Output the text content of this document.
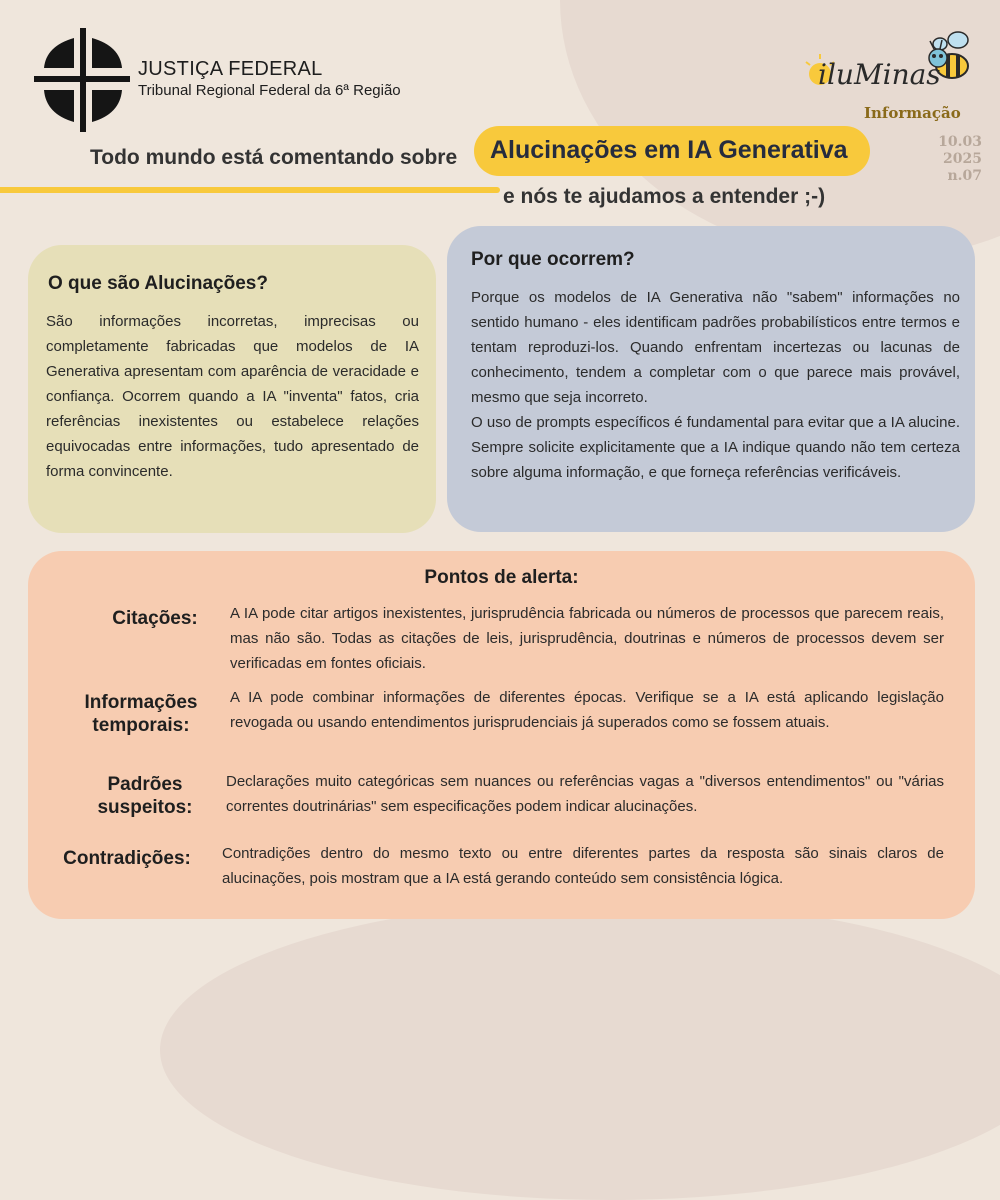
JUSTIÇA FEDERAL
Tribunal Regional Federal da 6ª Região	iluMinas
Informação
10.03
2025
n.07
Todo mundo está comentando sobre Alucinações em IA Generativa
e nós te ajudamos a entender ;-)
O que são Alucinações?
São informações incorretas, imprecisas ou completamente fabricadas que modelos de IA Generativa apresentam com aparência de veracidade e confiança. Ocorrem quando a IA "inventa" fatos, cria referências inexistentes ou estabelece relações equivocadas entre informações, tudo apresentado de forma convincente.
Por que ocorrem?

Porque os modelos de IA Generativa não "sabem" informações no sentido humano - eles identificam padrões probabilísticos entre termos e tentam reproduzi-los. Quando enfrentam incertezas ou lacunas de conhecimento, tendem a completar com o que parece mais provável, mesmo que seja incorreto.

O uso de prompts específicos é fundamental para evitar que a IA alucine. Sempre solicite explicitamente que a IA indique quando não tem certeza sobre alguma informação, e que forneça referências verificáveis.

Pontos de alerta:
Citações:	A IA pode citar artigos inexistentes, jurisprudência fabricada ou números de processos que parecem reais, mas não são. Todas as citações de leis, jurisprudência, doutrinas e números de processos devem ser verificadas em fontes oficiais.
Informações temporais:
A IA pode combinar informações de diferentes épocas. Verifique se a IA está aplicando legislação revogada ou usando entendimentos jurisprudenciais já superados como se fossem atuais.
Padrões suspeitos:
Declarações muito categóricas sem nuances ou referências vagas a "diversos entendimentos" ou "várias correntes doutrinárias" sem especificações podem indicar alucinações.
Contradições:	Contradições dentro do mesmo texto ou entre diferentes partes da resposta são sinais claros de alucinações, pois mostram que a IA está gerando conteúdo sem consistência lógica.
